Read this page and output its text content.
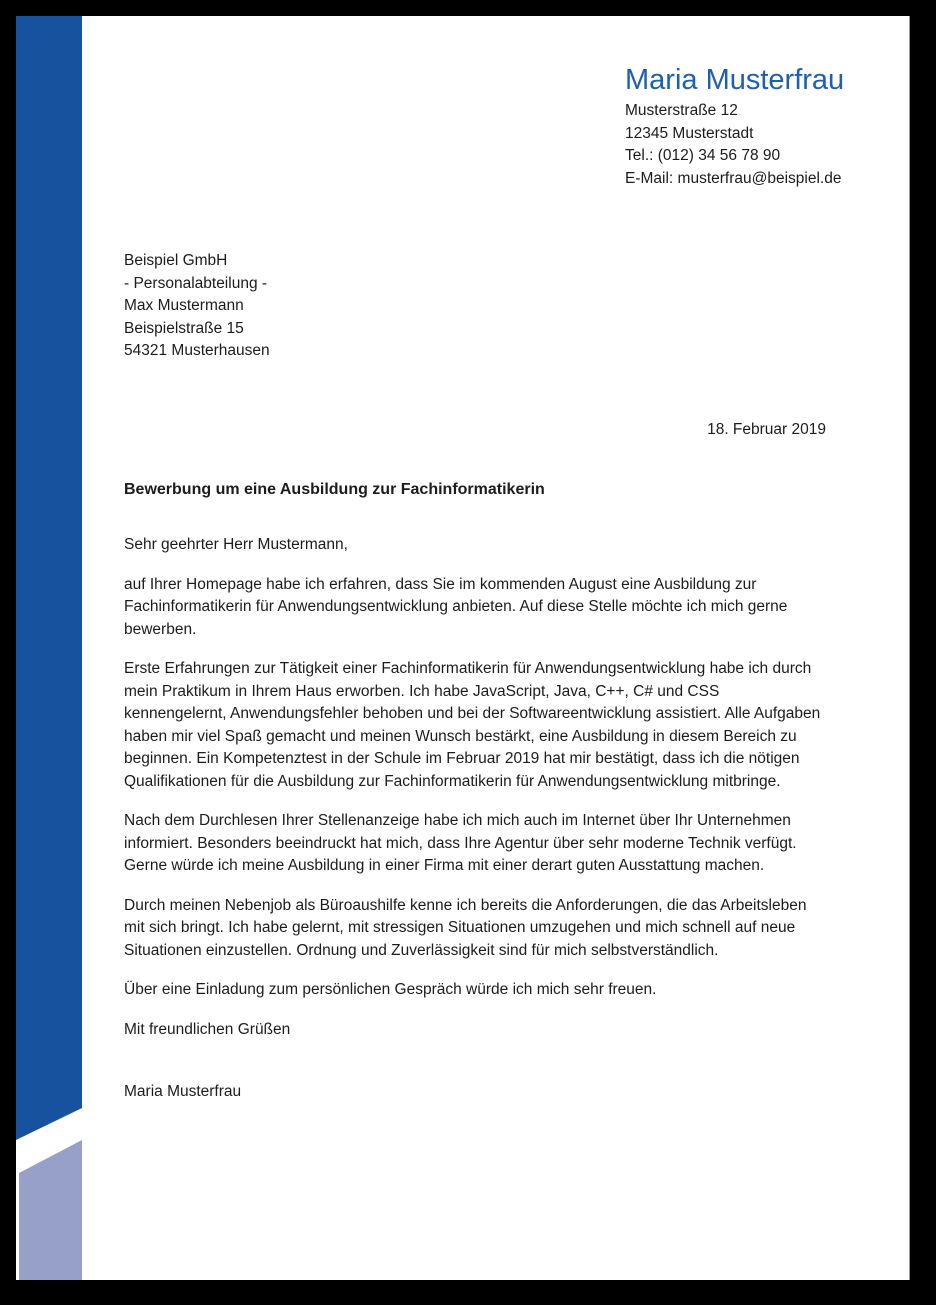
Maria Musterfrau
Musterstraße 12
12345 Musterstadt
Tel.: (012) 34 56 78 90
E-Mail: musterfrau@beispiel.de
Beispiel GmbH
- Personalabteilung -
Max Mustermann
Beispielstraße 15
54321 Musterhausen
18. Februar 2019
Bewerbung um eine Ausbildung zur Fachinformatikerin

Sehr geehrter Herr Mustermann,

auf Ihrer Homepage habe ich erfahren, dass Sie im kommenden August eine Ausbildung zur Fachinformatikerin für Anwendungsentwicklung anbieten. Auf diese Stelle möchte ich mich gerne bewerben.

Erste Erfahrungen zur Tätigkeit einer Fachinformatikerin für Anwendungsentwicklung habe ich durch mein Praktikum in Ihrem Haus erworben. Ich habe JavaScript, Java, C++, C# und CSS kennengelernt, Anwendungsfehler behoben und bei der Softwareentwicklung assistiert. Alle Aufgaben haben mir viel Spaß gemacht und meinen Wunsch bestärkt, eine Ausbildung in diesem Bereich zu beginnen. Ein Kompetenztest in der Schule im Februar 2019 hat mir bestätigt, dass ich die nötigen Qualifikationen für die Ausbildung zur Fachinformatikerin für Anwendungsentwicklung mitbringe.

Nach dem Durchlesen Ihrer Stellenanzeige habe ich mich auch im Internet über Ihr Unternehmen informiert. Besonders beeindruckt hat mich, dass Ihre Agentur über sehr moderne Technik verfügt. Gerne würde ich meine Ausbildung in einer Firma mit einer derart guten Ausstattung machen.

Durch meinen Nebenjob als Büroaushilfe kenne ich bereits die Anforderungen, die das Arbeitsleben mit sich bringt. Ich habe gelernt, mit stressigen Situationen umzugehen und mich schnell auf neue Situationen einzustellen. Ordnung und Zuverlässigkeit sind für mich selbstverständlich.

Über eine Einladung zum persönlichen Gespräch würde ich mich sehr freuen.

Mit freundlichen Grüßen

Maria Musterfrau
